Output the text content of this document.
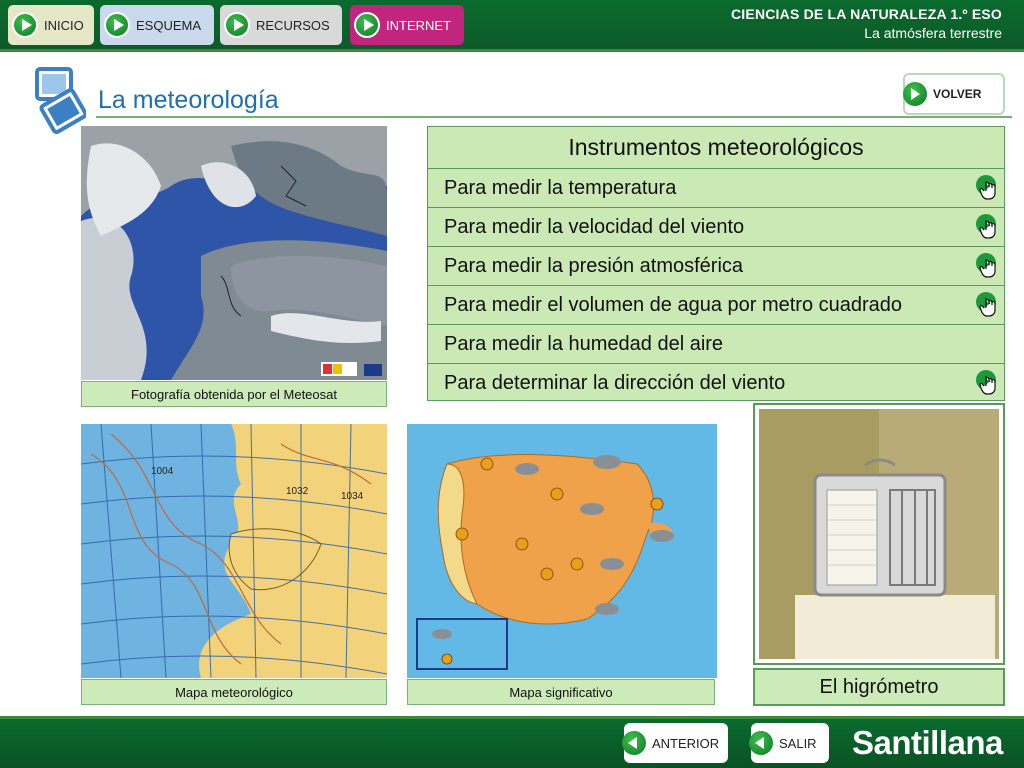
INICIO	ESQUEMA	RECURSOS	INTERNET
CIENCIAS DE LA NATURALEZA 1.º ESO
La atmósfera terrestre
La meteorología	VOLVER
Fotografía obtenida por el Meteosat
Instrumentos meteorológicos
Para medir la temperatura
Para medir la velocidad del viento
Para medir la presión atmosférica
Para medir el volumen de agua por metro cuadrado
Para medir la humedad del aire
Para determinar la dirección del viento
1032	1034
1004
Mapa meteorológico	Mapa significativo	El higrómetro
ANTERIOR	SALIR Santillana
